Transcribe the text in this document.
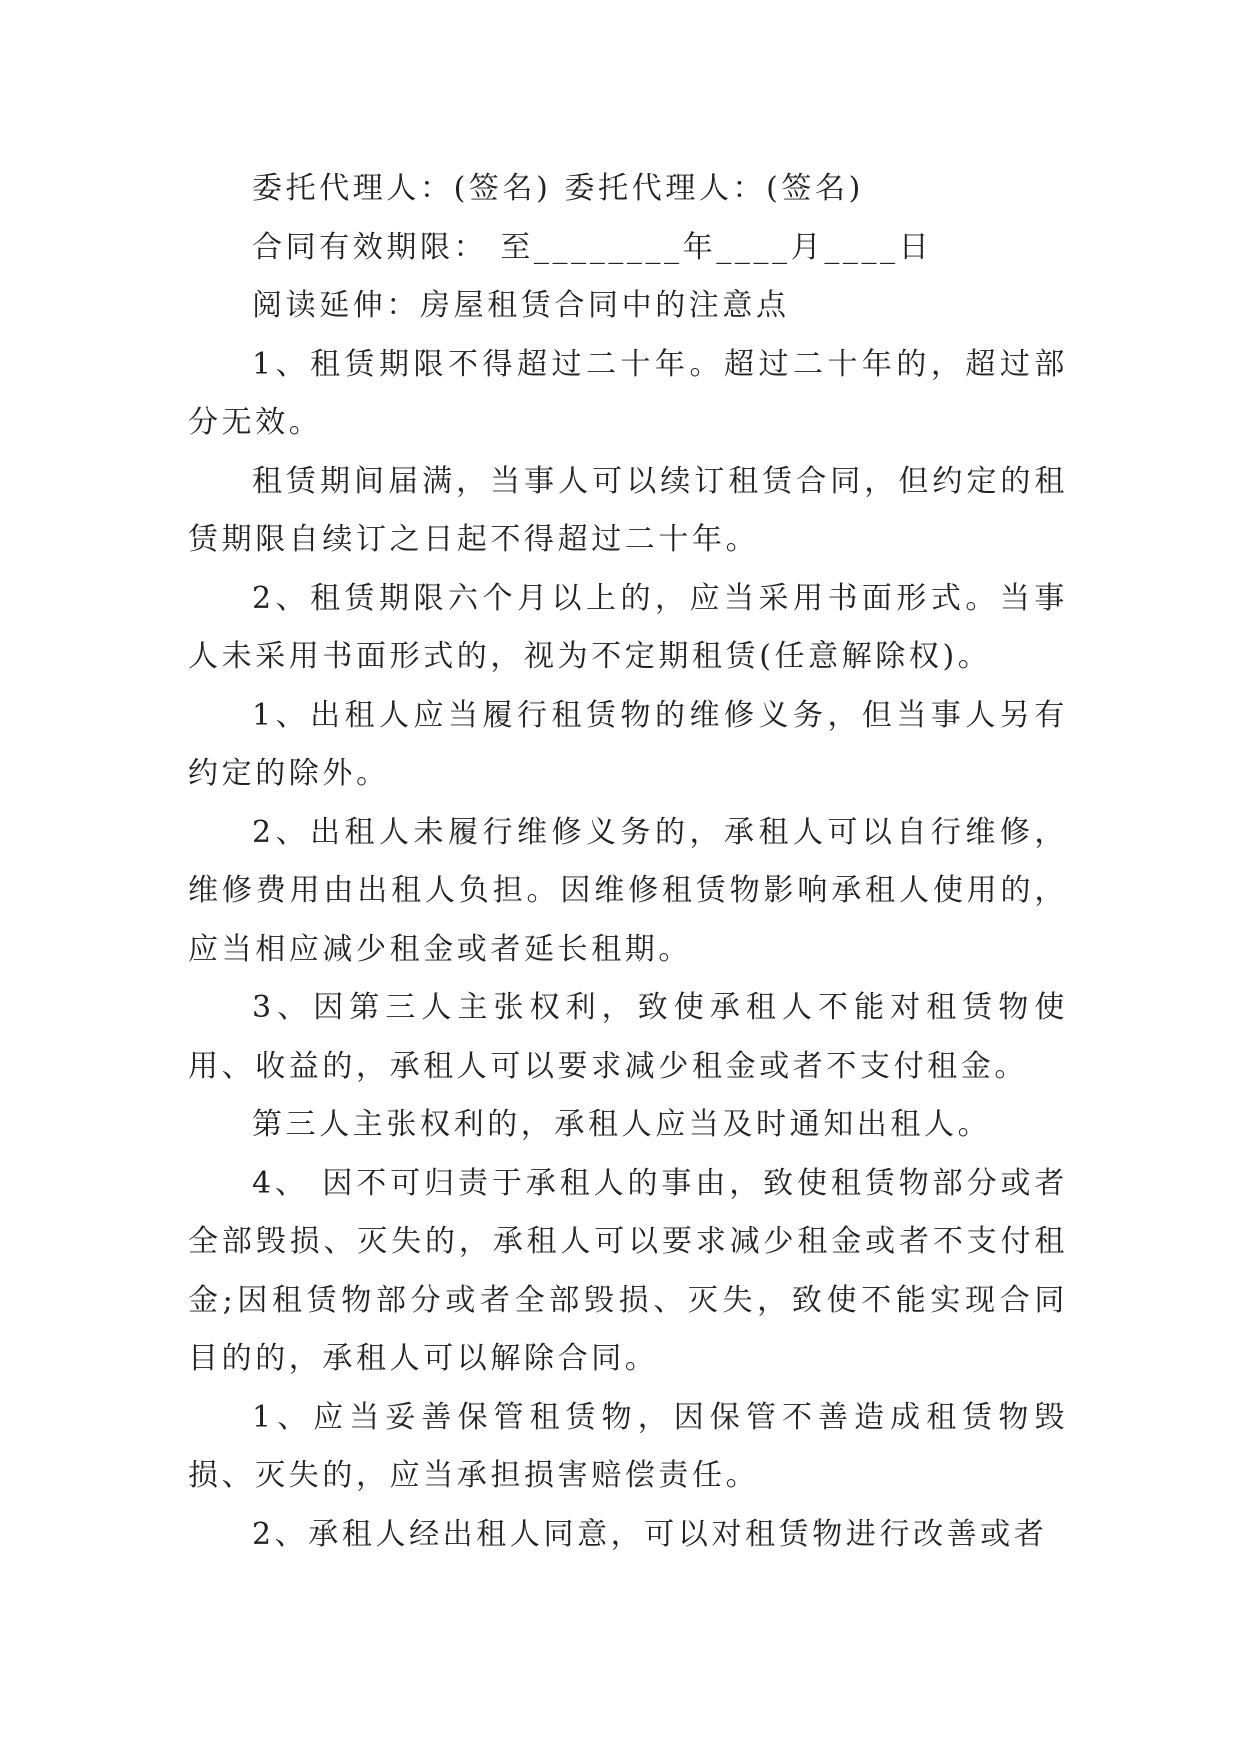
委托代理人：(签名) 委托代理人：(签名)

合同有效期限： 至________年____月____日

阅读延伸：房屋租赁合同中的注意点

1、租赁期限不得超过二十年。超过二十年的，超过部分无效。

租赁期间届满，当事人可以续订租赁合同，但约定的租赁期限自续订之日起不得超过二十年。

2、租赁期限六个月以上的，应当采用书面形式。当事人未采用书面形式的，视为不定期租赁(任意解除权)。

1、出租人应当履行租赁物的维修义务，但当事人另有约定的除外。

2、出租人未履行维修义务的，承租人可以自行维修，维修费用由出租人负担。因维修租赁物影响承租人使用的，应当相应减少租金或者延长租期。

3、因第三人主张权利，致使承租人不能对租赁物使用、收益的，承租人可以要求减少租金或者不支付租金。

第三人主张权利的，承租人应当及时通知出租人。

4、 因不可归责于承租人的事由，致使租赁物部分或者全部毁损、灭失的，承租人可以要求减少租金或者不支付租金;因租赁物部分或者全部毁损、灭失，致使不能实现合同目的的，承租人可以解除合同。

1、应当妥善保管租赁物，因保管不善造成租赁物毁损、灭失的，应当承担损害赔偿责任。

2、承租人经出租人同意，可以对租赁物进行改善或者
